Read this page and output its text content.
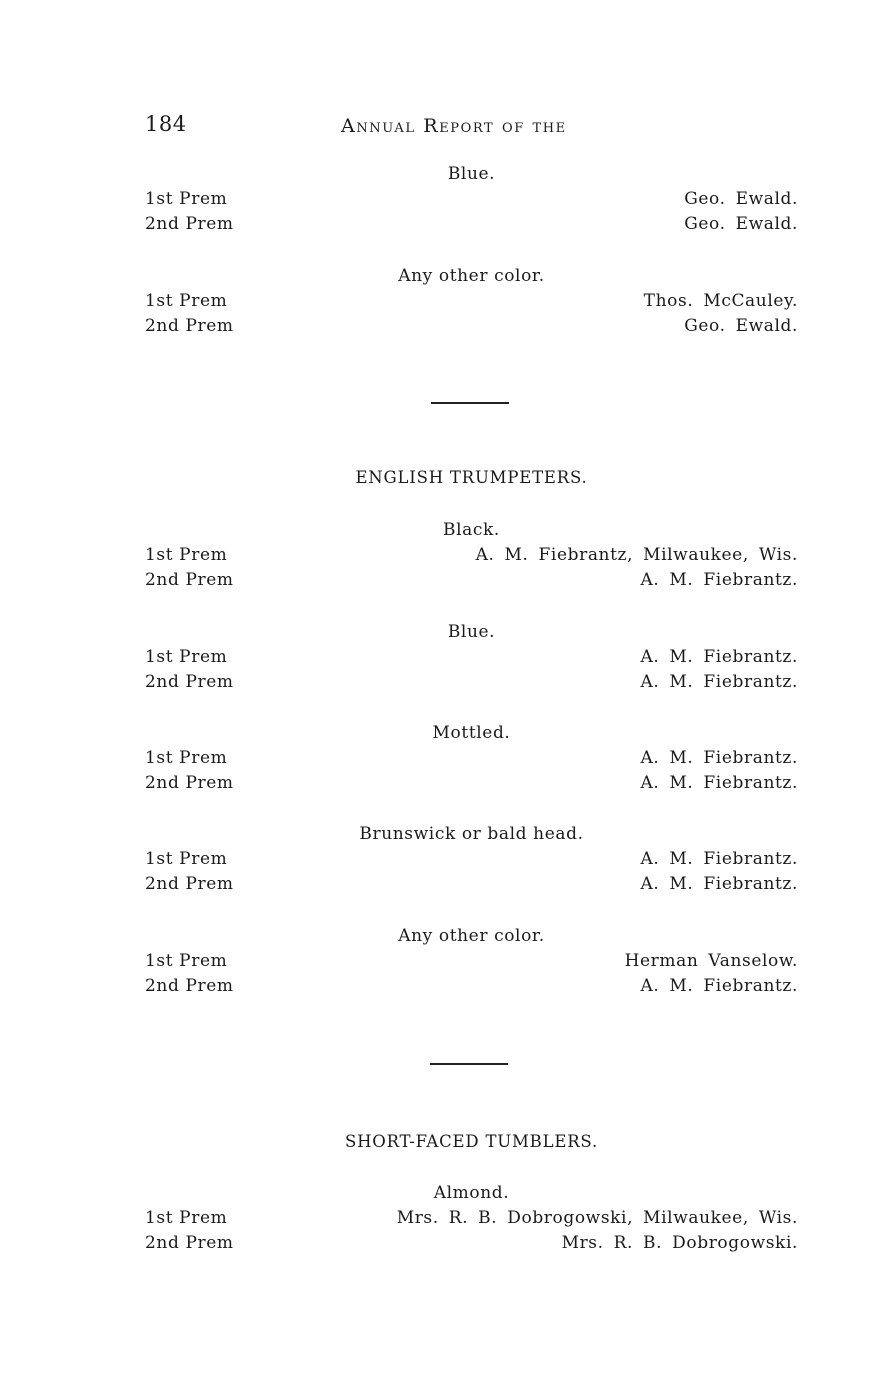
184	Annual Report of the
Blue.
1st Prem	Geo. Ewald.
2nd Prem	Geo. Ewald.
Any other color.
1st Prem	Thos. McCauley.
2nd Prem	Geo. Ewald.
ENGLISH TRUMPETERS.
Black.
1st Prem	A. M. Fiebrantz, Milwaukee, Wis.
2nd Prem	A. M. Fiebrantz.
Blue.
1st Prem	A. M. Fiebrantz.
2nd Prem	A. M. Fiebrantz.
Mottled.
1st Prem	A. M. Fiebrantz.
2nd Prem	A. M. Fiebrantz.
Brunswick or bald head.
1st Prem	A. M. Fiebrantz.
2nd Prem	A. M. Fiebrantz.
Any other color.
1st Prem	Herman Vanselow.
2nd Prem	A. M. Fiebrantz.
SHORT-FACED TUMBLERS.
Almond.
1st Prem	Mrs. R. B. Dobrogowski, Milwaukee, Wis.
2nd Prem	Mrs. R. B. Dobrogowski.
